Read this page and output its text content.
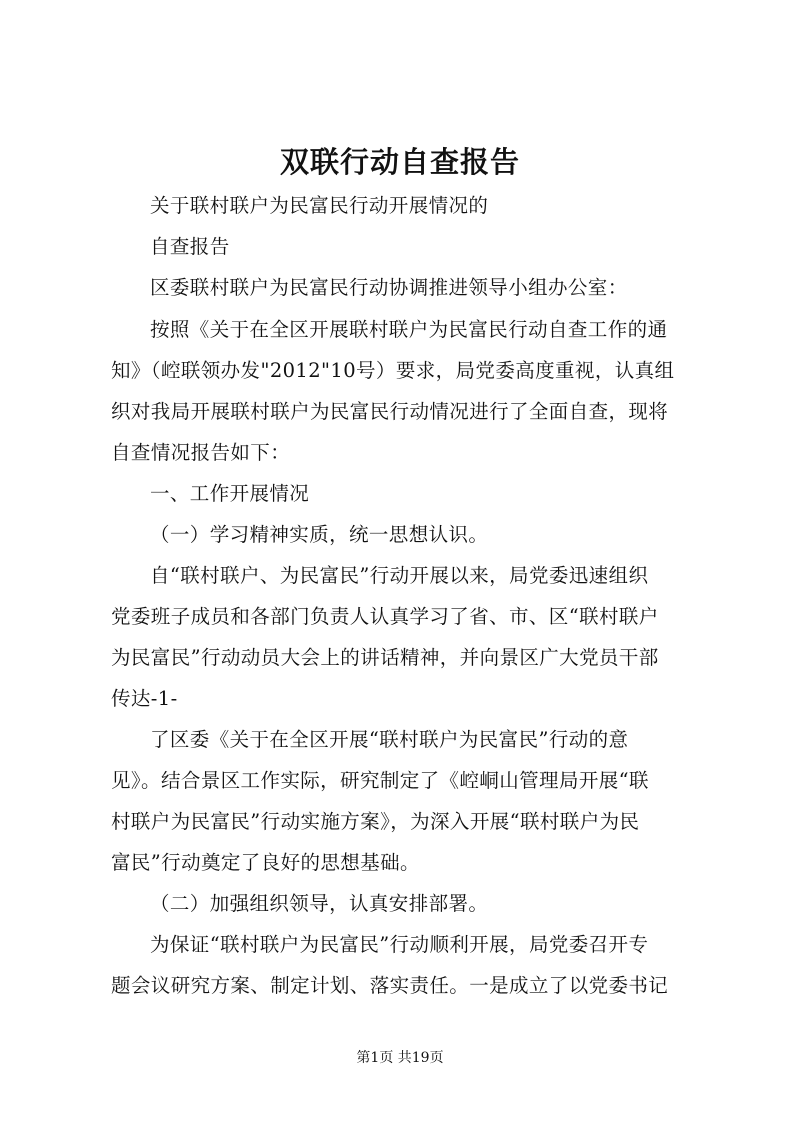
双联行动自查报告
关于联村联户为民富民行动开展情况的
自查报告
区委联村联户为民富民行动协调推进领导小组办公室：
按照《关于在全区开展联村联户为民富民行动自查工作的通
知》（崆联领办发"2012"10号）要求，局党委高度重视，认真组
织对我局开展联村联户为民富民行动情况进行了全面自查，现将
自查情况报告如下：
一、工作开展情况
（一）学习精神实质，统一思想认识。
自“联村联户、为民富民”行动开展以来，局党委迅速组织
党委班子成员和各部门负责人认真学习了省、市、区“联村联户
为民富民”行动动员大会上的讲话精神，并向景区广大党员干部
传达-1-
了区委《关于在全区开展“联村联户为民富民”行动的意
见》。结合景区工作实际，研究制定了《崆峒山管理局开展“联
村联户为民富民”行动实施方案》，为深入开展“联村联户为民
富民”行动奠定了良好的思想基础。
（二）加强组织领导，认真安排部署。
为保证“联村联户为民富民”行动顺利开展，局党委召开专
题会议研究方案、制定计划、落实责任。一是成立了以党委书记
第1页 共19页
